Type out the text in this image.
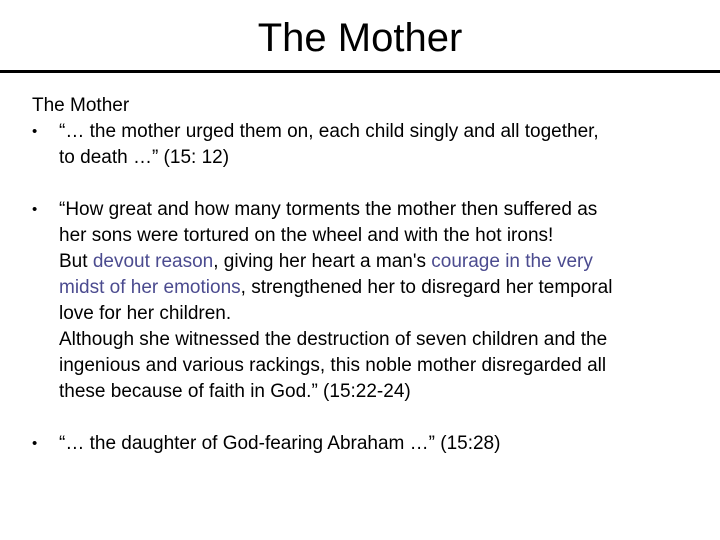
The Mother
The Mother
•	“… the mother urged them on, each child singly and all together,
to death …” (15: 12)
•	“How great and how many torments the mother then suffered as
her sons were tortured on the wheel and with the hot irons!
But devout reason, giving her heart a man's courage in the very
midst of her emotions, strengthened her to disregard her temporal
love for her children.
Although she witnessed the destruction of seven children and the
ingenious and various rackings, this noble mother disregarded all
these because of faith in God.” (15:22-24)
•	“… the daughter of God-fearing Abraham …” (15:28)
